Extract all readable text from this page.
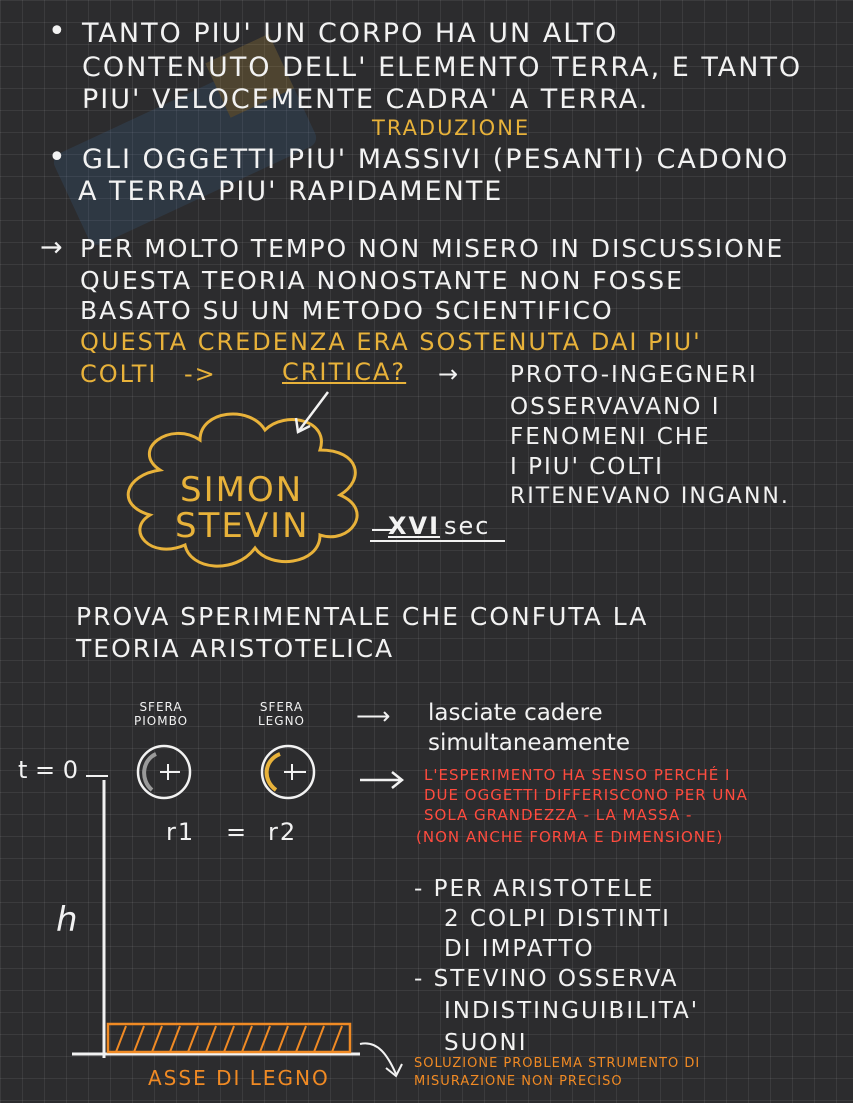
• TANTO PIU' UN CORPO HA UN ALTO
CONTENUTO DELL' ELEMENTO TERRA, E TANTO
PIU' VELOCEMENTE CADRA' A TERRA.
TRADUZIONE
• GLI OGGETTI PIU' MASSIVI (PESANTI) CADONO
A TERRA PIU' RAPIDAMENTE
→ PER MOLTO TEMPO NON MISERO IN DISCUSSIONE
QUESTA TEORIA NONOSTANTE NON FOSSE
BASATO SU UN METODO SCIENTIFICO
QUESTA CREDENZA ERA SOSTENUTA DAI PIU'
COLTI ->	CRITICA? → PROTO-INGEGNERI
OSSERVAVANO I
FENOMENI CHE
I PIU' COLTI
RITENEVANO INGANN.
SIMON
STEVIN	XVI sec
PROVA SPERIMENTALE CHE CONFUTA LA
TEORIA ARISTOTELICA
SFERA
PIOMBO
SFERA
LEGNO ⟶ lasciate cadere
simultaneamente
t = 0	L'ESPERIMENTO HA SENSO PERCHÉ I
DUE OGGETTI DIFFERISCONO PER UNA
SOLA GRANDEZZA - LA MASSA -
(NON ANCHE FORMA E DIMENSIONE)
r1 = r2
h
- PER ARISTOTELE
2 COLPI DISTINTI
DI IMPATTO
- STEVINO OSSERVA
INDISTINGUIBILITA'
SUONI
ASSE DI LEGNO
SOLUZIONE PROBLEMA STRUMENTO DI
MISURAZIONE NON PRECISO
